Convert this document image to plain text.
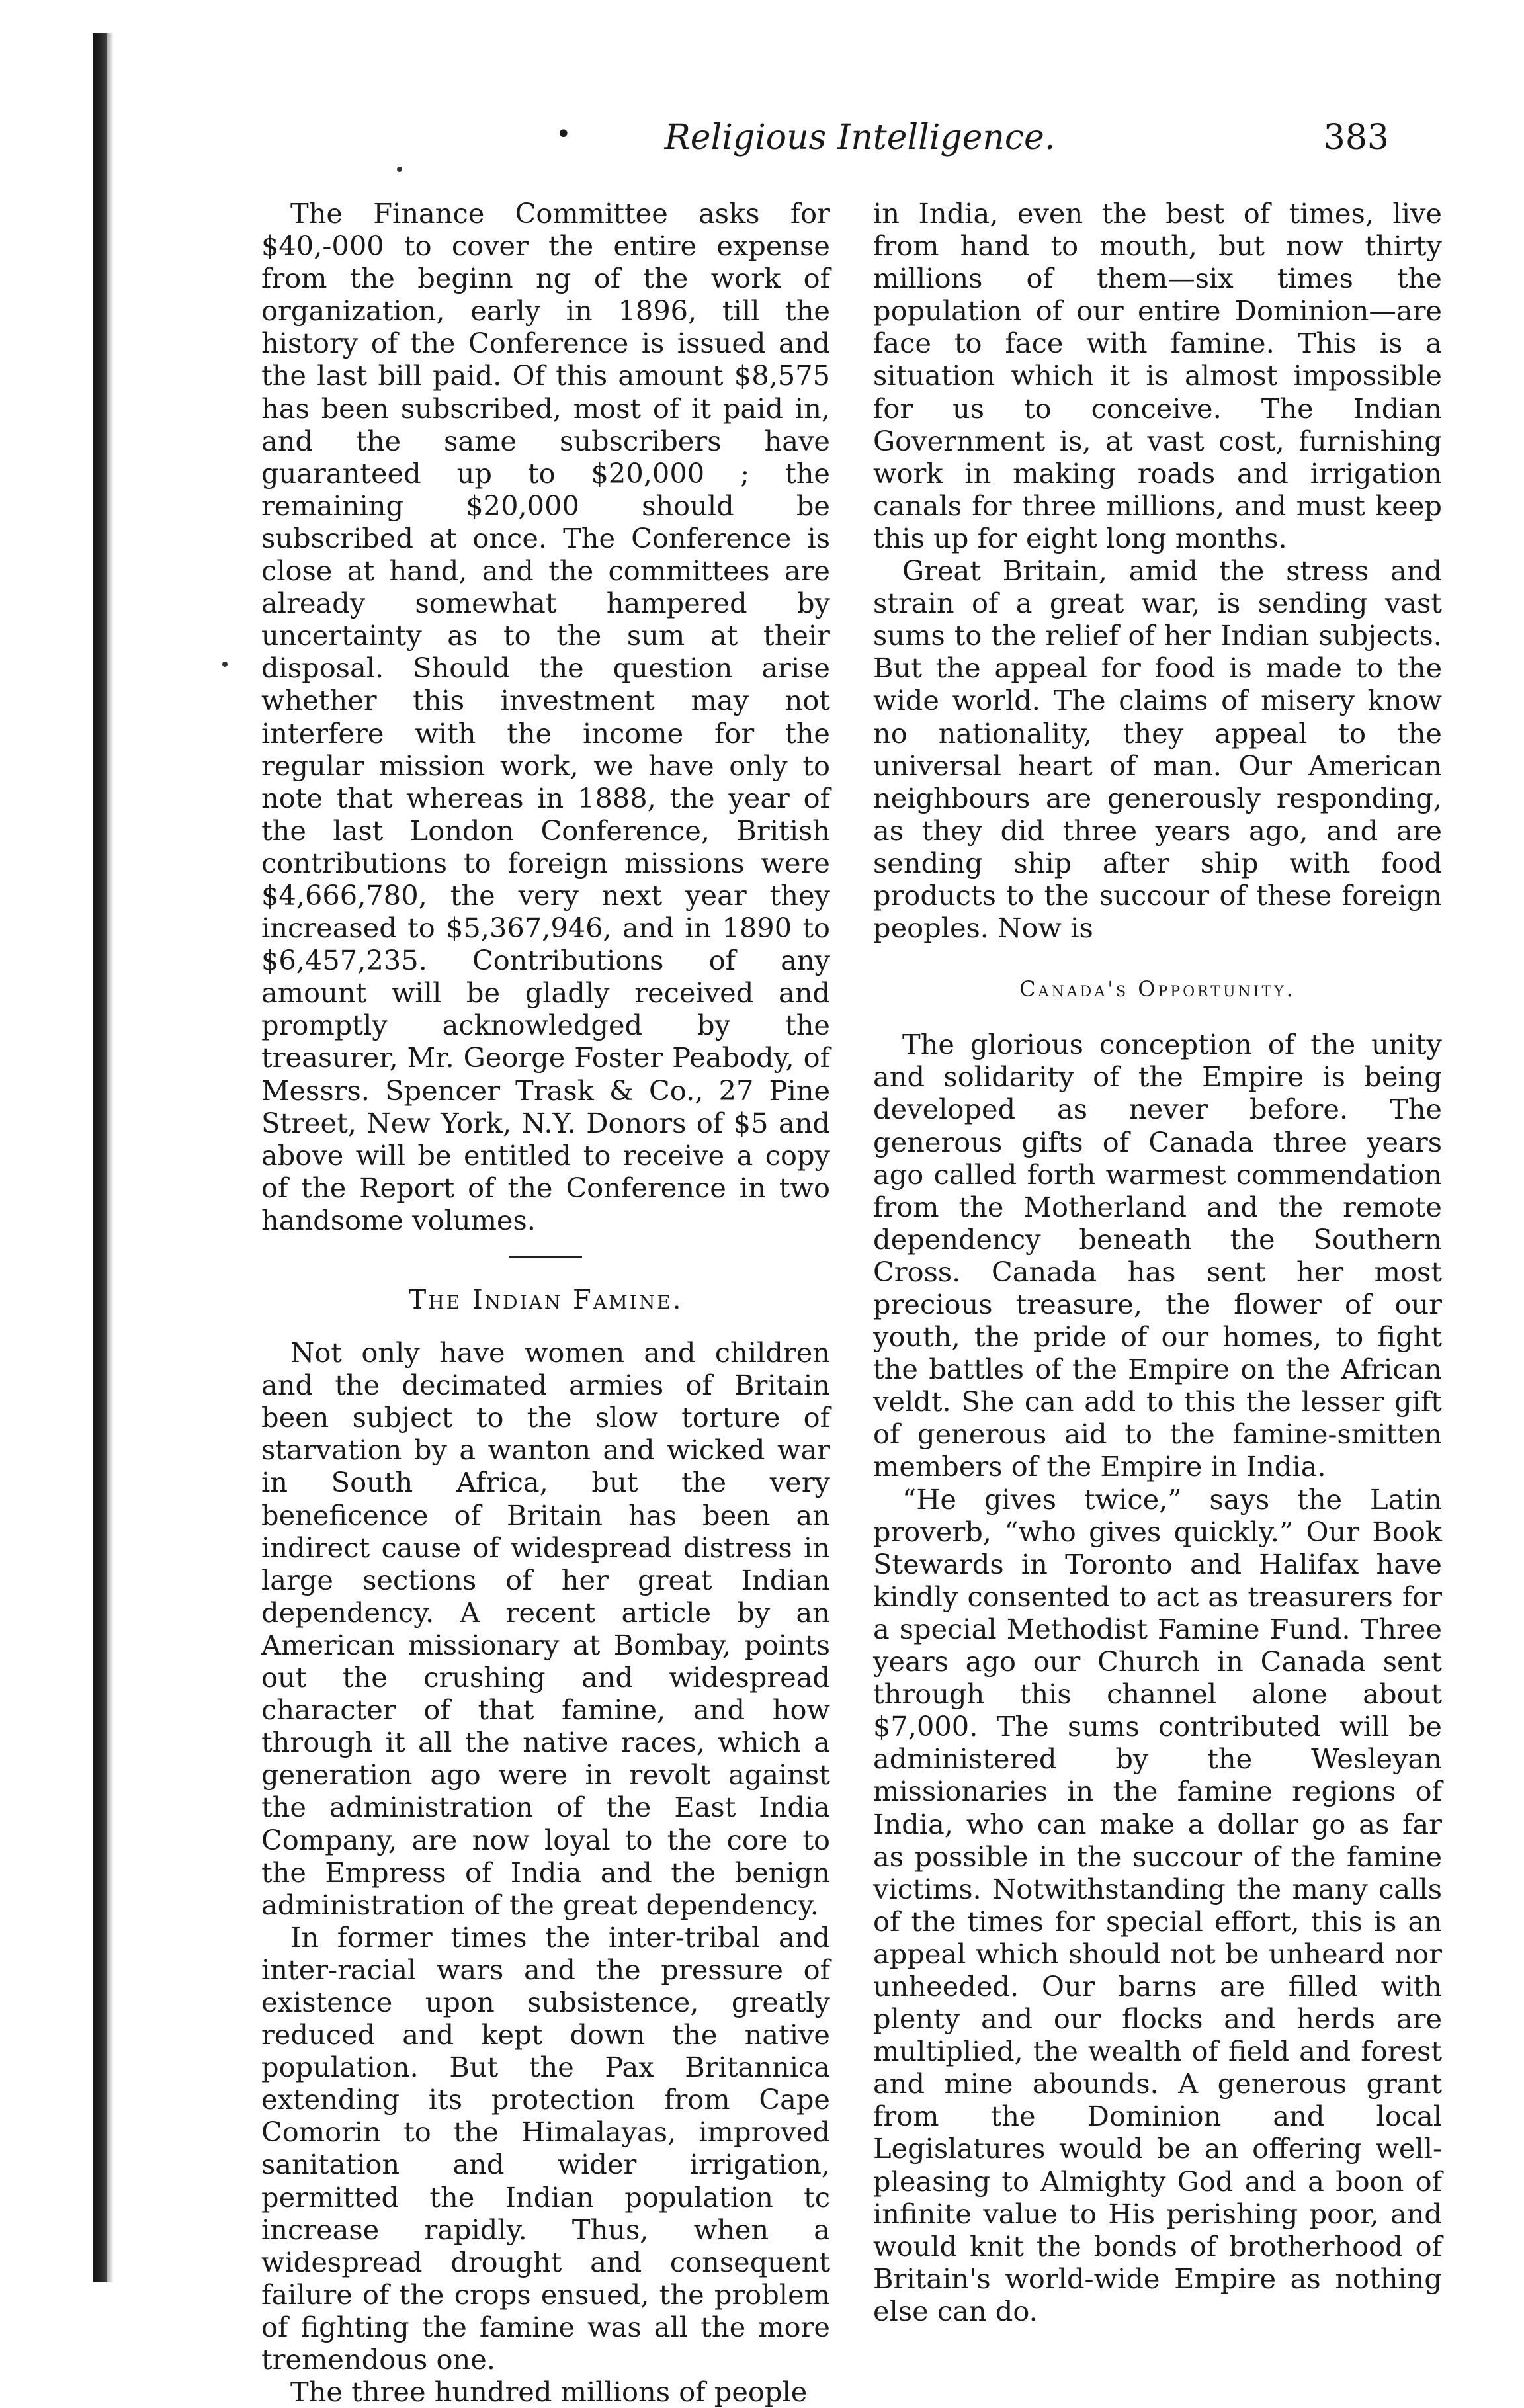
•	Religious Intelligence.	383

The Finance Committee asks for $40,-000 to cover the entire expense from the beginn ng of the work of organization, early in 1896, till the history of the Conference is issued and the last bill paid. Of this amount $8,575 has been subscribed, most of it paid in, and the same subscribers have guaranteed up to $20,000 ; the remaining $20,000 should be subscribed at once. The Conference is close at hand, and the committees are already somewhat hampered by uncertainty as to the sum at their disposal. Should the question arise whether this investment may not interfere with the income for the regular mission work, we have only to note that whereas in 1888, the year of the last London Conference, British contributions to foreign missions were $4,666,780, the very next year they increased to $5,367,946, and in 1890 to $6,457,235. Contributions of any amount will be gladly received and promptly acknowledged by the treasurer, Mr. George Foster Peabody, of Messrs. Spencer Trask & Co., 27 Pine Street, New York, N.Y. Donors of $5 and above will be entitled to receive a copy of the Report of the Conference in two handsome volumes.

The Indian Famine.

Not only have women and children and the decimated armies of Britain been subject to the slow torture of starvation by a wanton and wicked war in South Africa, but the very beneficence of Britain has been an indirect cause of widespread distress in large sections of her great Indian dependency. A recent article by an American missionary at Bombay, points out the crushing and widespread character of that famine, and how through it all the native races, which a generation ago were in revolt against the administration of the East India Company, are now loyal to the core to the Empress of India and the benign administration of the great dependency.

In former times the inter-tribal and inter-racial wars and the pressure of existence upon subsistence, greatly reduced and kept down the native population. But the Pax Britannica extending its protection from Cape Comorin to the Himalayas, improved sanitation and wider irrigation, permitted the Indian population tc increase rapidly. Thus, when a widespread drought and consequent failure of the crops ensued, the problem of fighting the famine was all the more tremendous one.

The three hundred millions of people

in India, even the best of times, live from hand to mouth, but now thirty millions of them—six times the population of our entire Dominion—are face to face with famine. This is a situation which it is almost impossible for us to conceive. The Indian Government is, at vast cost, furnishing work in making roads and irrigation canals for three millions, and must keep this up for eight long months.

Great Britain, amid the stress and strain of a great war, is sending vast sums to the relief of her Indian subjects. But the appeal for food is made to the wide world. The claims of misery know no nationality, they appeal to the universal heart of man. Our American neighbours are generously responding, as they did three years ago, and are sending ship after ship with food products to the succour of these foreign peoples. Now is

Canada's Opportunity.

The glorious conception of the unity and solidarity of the Empire is being developed as never before. The generous gifts of Canada three years ago called forth warmest commendation from the Motherland and the remote dependency beneath the Southern Cross. Canada has sent her most precious treasure, the flower of our youth, the pride of our homes, to fight the battles of the Empire on the African veldt. She can add to this the lesser gift of generous aid to the famine-smitten members of the Empire in India.

“He gives twice,” says the Latin proverb, “who gives quickly.” Our Book Stewards in Toronto and Halifax have kindly consented to act as treasurers for a special Methodist Famine Fund. Three years ago our Church in Canada sent through this channel alone about $7,000. The sums contributed will be administered by the Wesleyan missionaries in the famine regions of India, who can make a dollar go as far as possible in the succour of the famine victims. Notwithstanding the many calls of the times for special effort, this is an appeal which should not be unheard nor unheeded. Our barns are filled with plenty and our flocks and herds are multiplied, the wealth of field and forest and mine abounds. A generous grant from the Dominion and local Legislatures would be an offering well-pleasing to Almighty God and a boon of infinite value to His perishing poor, and would knit the bonds of brotherhood of Britain's world-wide Empire as nothing else can do.
